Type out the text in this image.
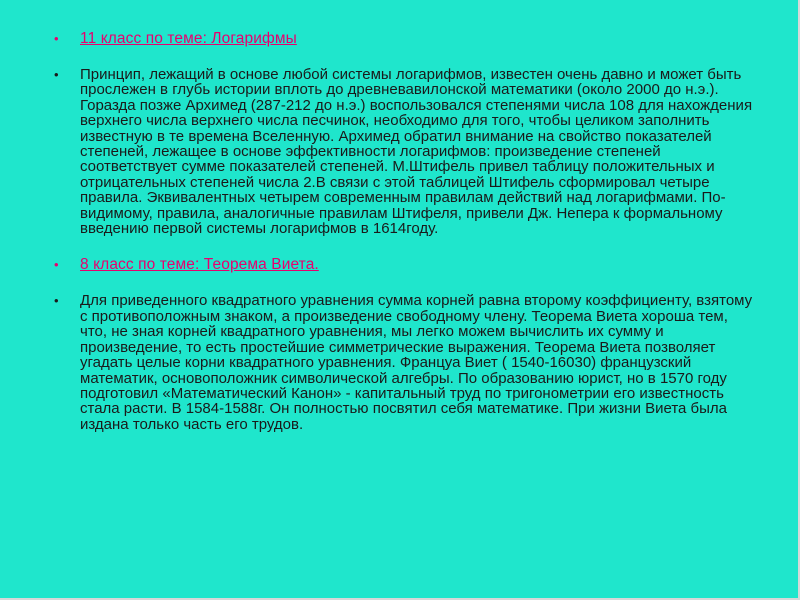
• 11 класс по теме: Логарифмы
• Принцип, лежащий в основе любой системы логарифмов, известен очень давно и может быть прослежен в глубь истории вплоть до древневавилонской математики (около 2000 до н.э.). Горазда позже Архимед (287-212 до н.э.) воспользовался степенями числа 108 для нахождения верхнего числа верхнего числа песчинок, необходимо для того, чтобы целиком заполнить известную в те времена Вселенную. Архимед обратил внимание на свойство показателей степеней, лежащее в основе эффективности логарифмов: произведение степеней соответствует сумме показателей степеней. М.Штифель привел таблицу положительных и отрицательных степеней числа 2.В связи с этой таблицей Штифель сформировал четыре правила. Эквивалентных четырем современным правилам действий над логарифмами. По- видимому, правила, аналогичные правилам Штифеля, привели Дж. Непера к формальному введению первой системы логарифмов в 1614году.
• 8 класс по теме: Теорема Виета.
• Для приведенного квадратного уравнения сумма корней равна второму коэффициенту, взятому с противоположным знаком, а произведение свободному члену. Теорема Виета хороша тем, что, не зная корней квадратного уравнения, мы легко можем вычислить их сумму и произведение, то есть простейшие симметрические выражения. Теорема Виета позволяет угадать целые корни квадратного уравнения. Француа Виет ( 1540-16030) французский математик, основоположник символической алгебры. По образованию юрист, но в 1570 году подготовил «Математический Канон» - капитальный труд по тригонометрии его известность стала расти. В 1584-1588г. Он полностью посвятил себя математике. При жизни Виета была издана только часть его трудов.
